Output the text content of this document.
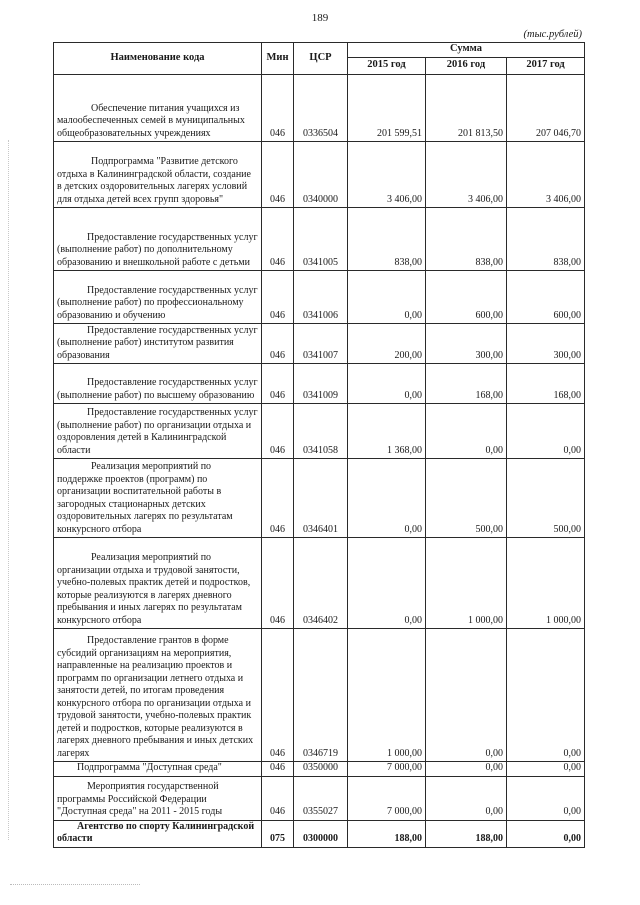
189
(тыс.рублей)
Наименование кода	Мин	ЦСР	Сумма		
			2015 год	2016 год	2017 год

Обеспечение питания учащихся из малообеспеченных семей в муниципальных общеобразовательных учреждениях	046	0336504	201 599,51	201 813,50	207 046,70

Подпрограмма "Развитие детского отдыха в Калининградской области, создание в детских оздоровительных лагерях условий для отдыха детей всех групп здоровья"	046	0340000	3 406,00	3 406,00	3 406,00

Предоставление государственных услуг (выполнение работ) по дополнительному образованию и внешкольной работе с детьми	046	0341005	838,00	838,00	838,00

Предоставление государственных услуг (выполнение работ) по профессиональному образованию и обучению	046	0341006	0,00	600,00	600,00

Предоставление государственных услуг (выполнение работ) институтом развития образования	046	0341007	200,00	300,00	300,00

Предоставление государственных услуг (выполнение работ) по высшему образованию	046	0341009	0,00	168,00	168,00

Предоставление государственных услуг (выполнение работ) по организации отдыха и оздоровления детей в Калининградской области	046	0341058	1 368,00	0,00	0,00

Реализация мероприятий по поддержке проектов (программ) по организации воспитательной работы в загородных стационарных детских оздоровительных лагерях по результатам конкурсного отбора	046	0346401	0,00	500,00	500,00

Реализация мероприятий по организации отдыха и трудовой занятости, учебно-полевых практик детей и подростков, которые реализуются в лагерях дневного пребывания и иных лагерях по результатам конкурсного отбора	046	0346402	0,00	1 000,00	1 000,00

Предоставление грантов в форме субсидий организациям на мероприятия, направленные на реализацию проектов и программ по организации летнего отдыха и занятости детей, по итогам проведения конкурсного отбора по организации отдыха и трудовой занятости, учебно-полевых практик детей и подростков, которые реализуются в лагерях дневного пребывания и иных детских лагерях	046	0346719	1 000,00	0,00	0,00

Подпрограмма "Доступная среда"	046	0350000	7 000,00	0,00	0,00

Мероприятия государственной программы Российской Федерации "Доступная среда" на 2011 - 2015 годы	046	0355027	7 000,00	0,00	0,00

Агентство по спорту Калининградской области	075	0300000	188,00	188,00	0,00
